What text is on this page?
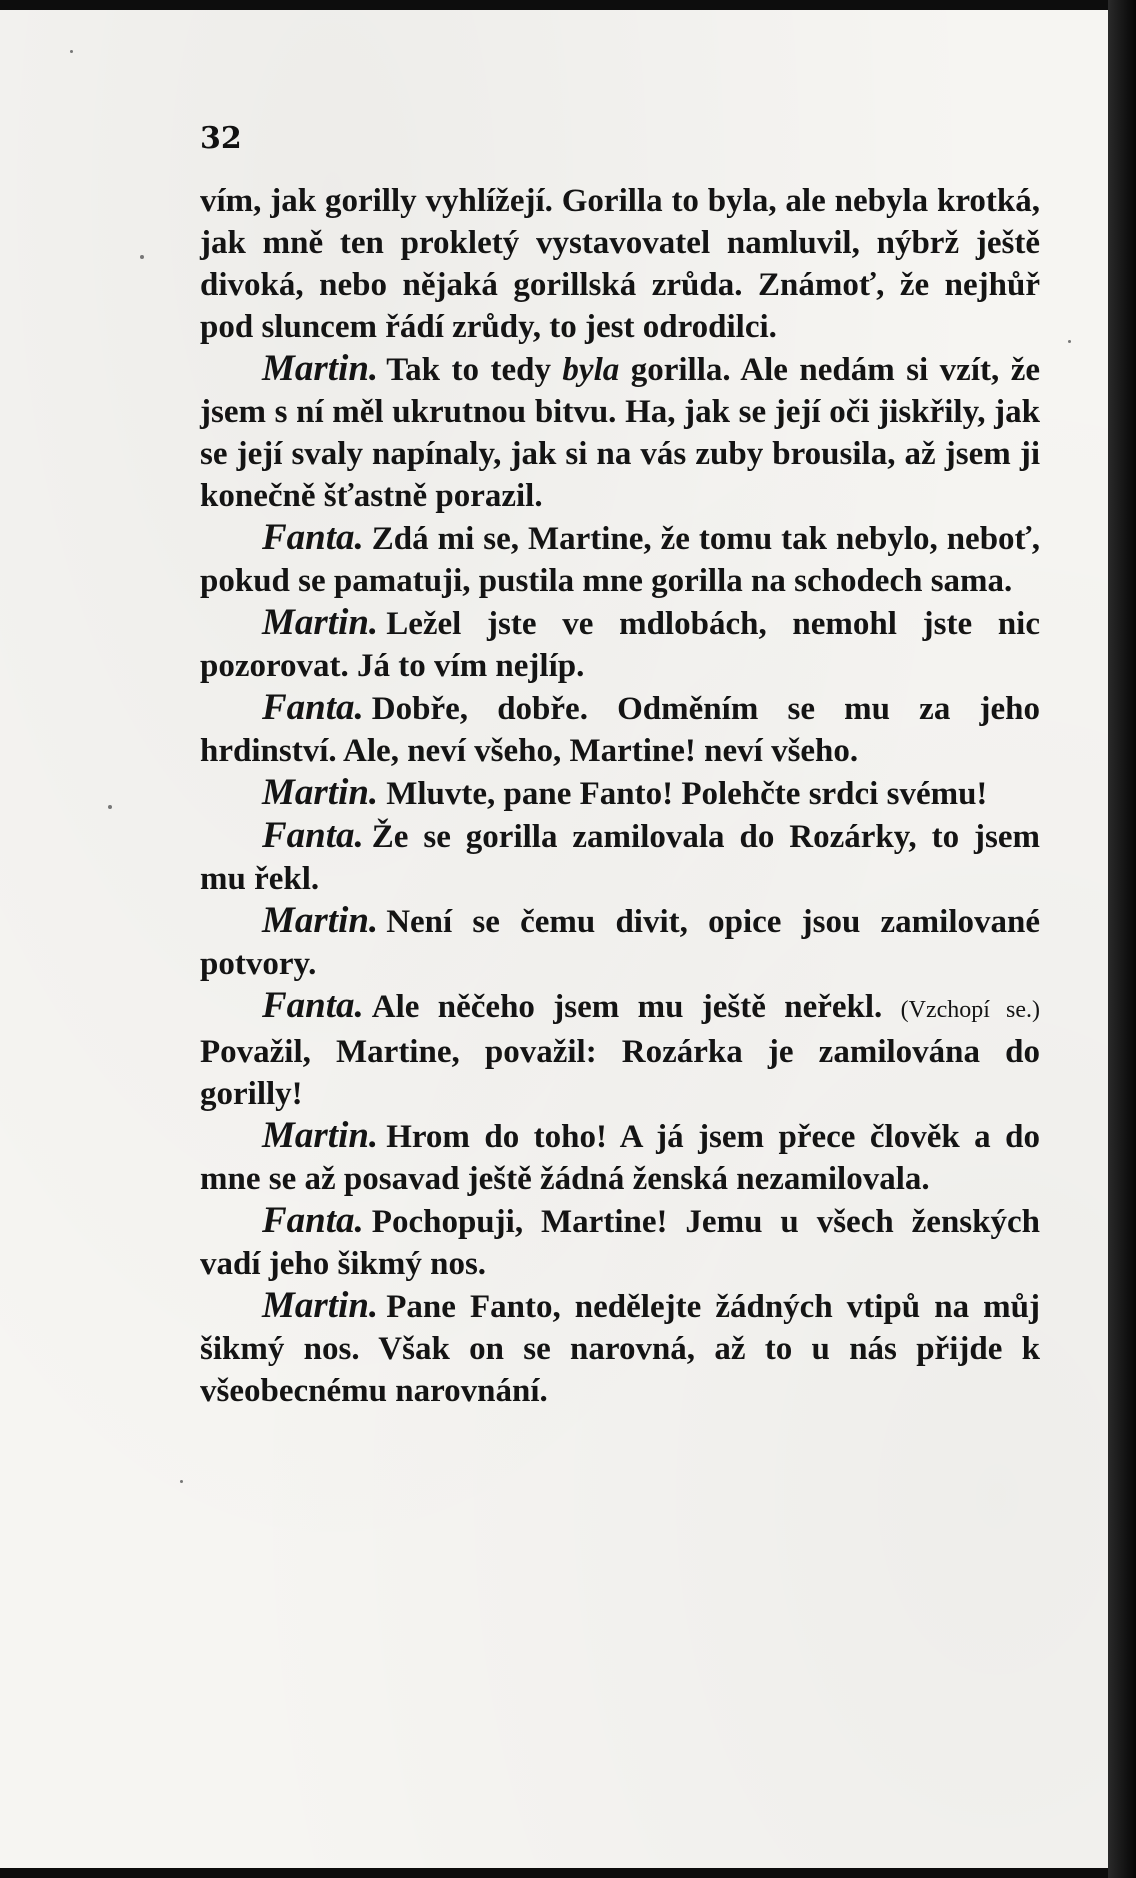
32

vím, jak gorilly vyhlížejí. Gorilla to byla, ale nebyla krotká, jak mně ten prokletý vystavovatel namluvil, nýbrž ještě divoká, nebo nějaká gorillská zrůda. Známoť, že nejhůř pod sluncem řádí zrůdy, to jest odrodilci.

Martin. Tak to tedy byla gorilla. Ale nedám si vzít, že jsem s ní měl ukrutnou bitvu. Ha, jak se její oči jiskřily, jak se její svaly napínaly, jak si na vás zuby brousila, až jsem ji konečně šťastně porazil.

Fanta. Zdá mi se, Martine, že tomu tak nebylo, neboť, pokud se pamatuji, pustila mne gorilla na schodech sama.

Martin. Ležel jste ve mdlobách, nemohl jste nic pozorovat. Já to vím nejlíp.

Fanta. Dobře, dobře. Odměním se mu za jeho hrdinství. Ale, neví všeho, Martine! neví všeho.

Martin. Mluvte, pane Fanto! Polehčte srdci svému!

Fanta. Že se gorilla zamilovala do Rozárky, to jsem mu řekl.

Martin. Není se čemu divit, opice jsou zamilované potvory.

Fanta. Ale něčeho jsem mu ještě neřekl. (Vzchopí se.) Považil, Martine, považil: Rozárka je zamilována do gorilly!

Martin. Hrom do toho! A já jsem přece člověk a do mne se až posavad ještě žádná ženská nezamilovala.

Fanta. Pochopuji, Martine! Jemu u všech ženských vadí jeho šikmý nos.

Martin. Pane Fanto, nedělejte žádných vtipů na můj šikmý nos. Však on se narovná, až to u nás přijde k všeobecnému narovnání.
